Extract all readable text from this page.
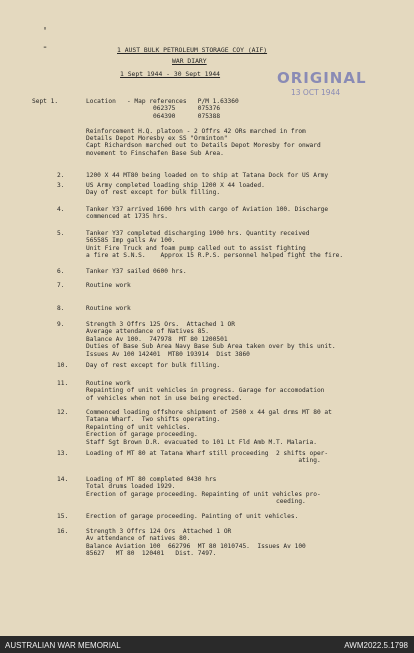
'
-	1 AUST BULK PETROLEUM STORAGE COY (AIF)
WAR DIARY
1 Sept 1944 - 30 Sept 1944	ORIGINAL
13 OCT 1944
Sept 1.	Location   - Map references   P/M 1.63360
062375      075376
064390      075388
Reinforcement H.Q. platoon - 2 Offrs 42 ORs marched in from
Details Depot Moresby ex SS "Orminton"
Capt Richardson marched out to Details Depot Moresby for onward
movement to Finschafen Base Sub Area.
2.	1200 X 44 MT80 being loaded on to ship at Tatana Dock for US Army
3.	US Army completed loading ship 1200 X 44 loaded.
Day of rest except for bulk filling.
4.	Tanker Y37 arrived 1600 hrs with cargo of Aviation 100. Discharge
commenced at 1735 hrs.
5.	Tanker Y37 completed discharging 1900 hrs. Quantity received
565585 Imp galls Av 100.
Unit Fire Truck and foam pump called out to assist fighting
a fire at S.N.S.    Approx 15 R.P.S. personnel helped fight the fire.
6.	Tanker Y37 sailed 0600 hrs.
7.	Routine work
8.	Routine work
9.	Strength 3 Offrs 125 Ors.  Attached 1 OR
Average attendance of Natives 85.
Balance Av 100.  747978  MT 80 1200501
Duties of Base Sub Area Navy Base Sub Area taken over by this unit.
Issues Av 100 142401  MT80 193914  Dist 3860
10.	Day of rest except for bulk filling.
11.	Routine work
Repainting of unit vehicles in progress. Garage for accomodation
of vehicles when not in use being erected.
12.	Commenced loading offshore shipment of 2500 x 44 gal drms MT 80 at
Tatana Wharf.  Two shifts operating.
Repainting of unit vehicles.
Erection of garage proceeding.
Staff Sgt Brown D.R. evacuated to 101 Lt Fld Amb M.T. Malaria.
13.	Loading of MT 80 at Tatana Wharf still proceeding  2 shifts oper-
ating.
14.	Loading of MT 80 completed 0430 hrs
Total drums loaded 1929.
Erection of garage proceeding. Repainting of unit vehicles pro-
ceeding.
15.	Erection of garage proceeding. Painting of unit vehicles.
16.	Strength 3 Offrs 124 Ors  Attached 1 OR
Av attendance of natives 80.
Balance Aviation 100  662796  MT 80 1010745.  Issues Av 100
85627   MT 80  120401   Dist. 7497.
AUSTRALIAN WAR MEMORIAL	AWM2022.5.1798
